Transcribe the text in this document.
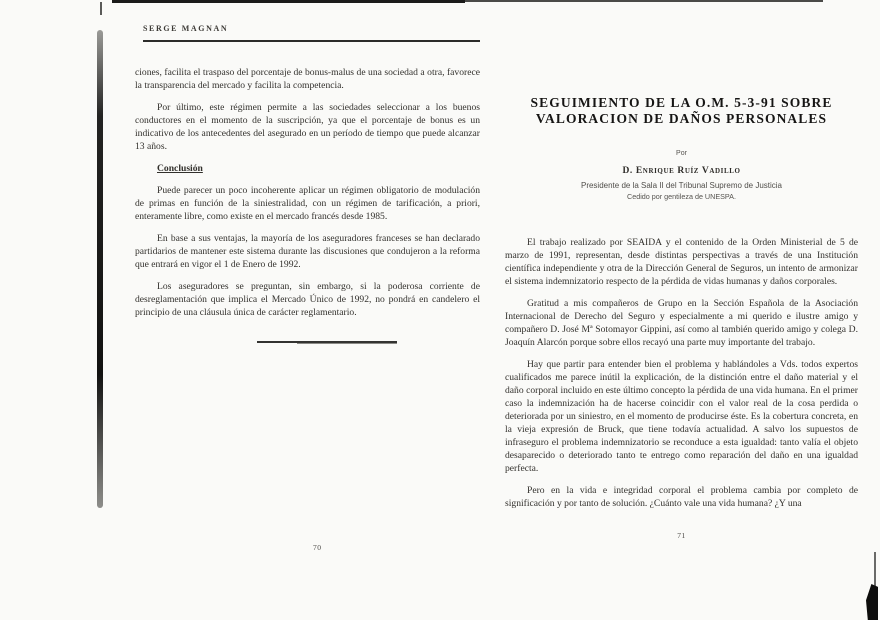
SERGE MAGNAN

ciones, facilita el traspaso del porcentaje de bonus-malus de una sociedad a otra, favorece la transparencia del mercado y facilita la competencia.

Por último, este régimen permite a las sociedades seleccionar a los buenos conductores en el momento de la suscripción, ya que el porcentaje de bonus es un indicativo de los antecedentes del asegurado en un período de tiempo que puede alcanzar 13 años.

Conclusión

Puede parecer un poco incoherente aplicar un régimen obligatorio de modulación de primas en función de la siniestralidad, con un régimen de tarificación, a priori, enteramente libre, como existe en el mercado francés desde 1985.

En base a sus ventajas, la mayoría de los aseguradores franceses se han declarado partidarios de mantener este sistema durante las discusiones que condujeron a la reforma que entrará en vigor el 1 de Enero de 1992.

Los aseguradores se preguntan, sin embargo, si la poderosa corriente de desreglamentación que implica el Mercado Único de 1992, no pondrá en candelero el principio de una cláusula única de carácter reglamentario.

70
SEGUIMIENTO DE LA O.M. 5-3-91 SOBRE
VALORACION DE DAÑOS PERSONALES
Por
D. Enrique Ruíz Vadillo
Presidente de la Sala II del Tribunal Supremo de Justicia
Cedido por gentileza de UNESPA.

El trabajo realizado por SEAIDA y el contenido de la Orden Ministerial de 5 de marzo de 1991, representan, desde distintas perspectivas a través de una Institución científica independiente y otra de la Dirección General de Seguros, un intento de armonizar el sistema indemnizatorio respecto de la pérdida de vidas humanas y daños corporales.

Gratitud a mis compañeros de Grupo en la Sección Española de la Asociación Internacional de Derecho del Seguro y especialmente a mi querido e ilustre amigo y compañero D. José Mª Sotomayor Gippini, así como al también querido amigo y colega D. Joaquín Alarcón porque sobre ellos recayó una parte muy importante del trabajo.

Hay que partir para entender bien el problema y hablándoles a Vds. todos expertos cualificados me parece inútil la explicación, de la distinción entre el daño material y el daño corporal incluido en este último concepto la pérdida de una vida humana. En el primer caso la indemnización ha de hacerse coincidir con el valor real de la cosa perdida o deteriorada por un siniestro, en el momento de producirse éste. Es la cobertura concreta, en la vieja expresión de Bruck, que tiene todavía actualidad. A salvo los supuestos de infraseguro el problema indemnizatorio se reconduce a esta igualdad: tanto valía el objeto desaparecido o deteriorado tanto te entrego como reparación del daño en una igualdad perfecta.

Pero en la vida e integridad corporal el problema cambia por completo de significación y por tanto de solución. ¿Cuánto vale una vida humana? ¿Y una

71
